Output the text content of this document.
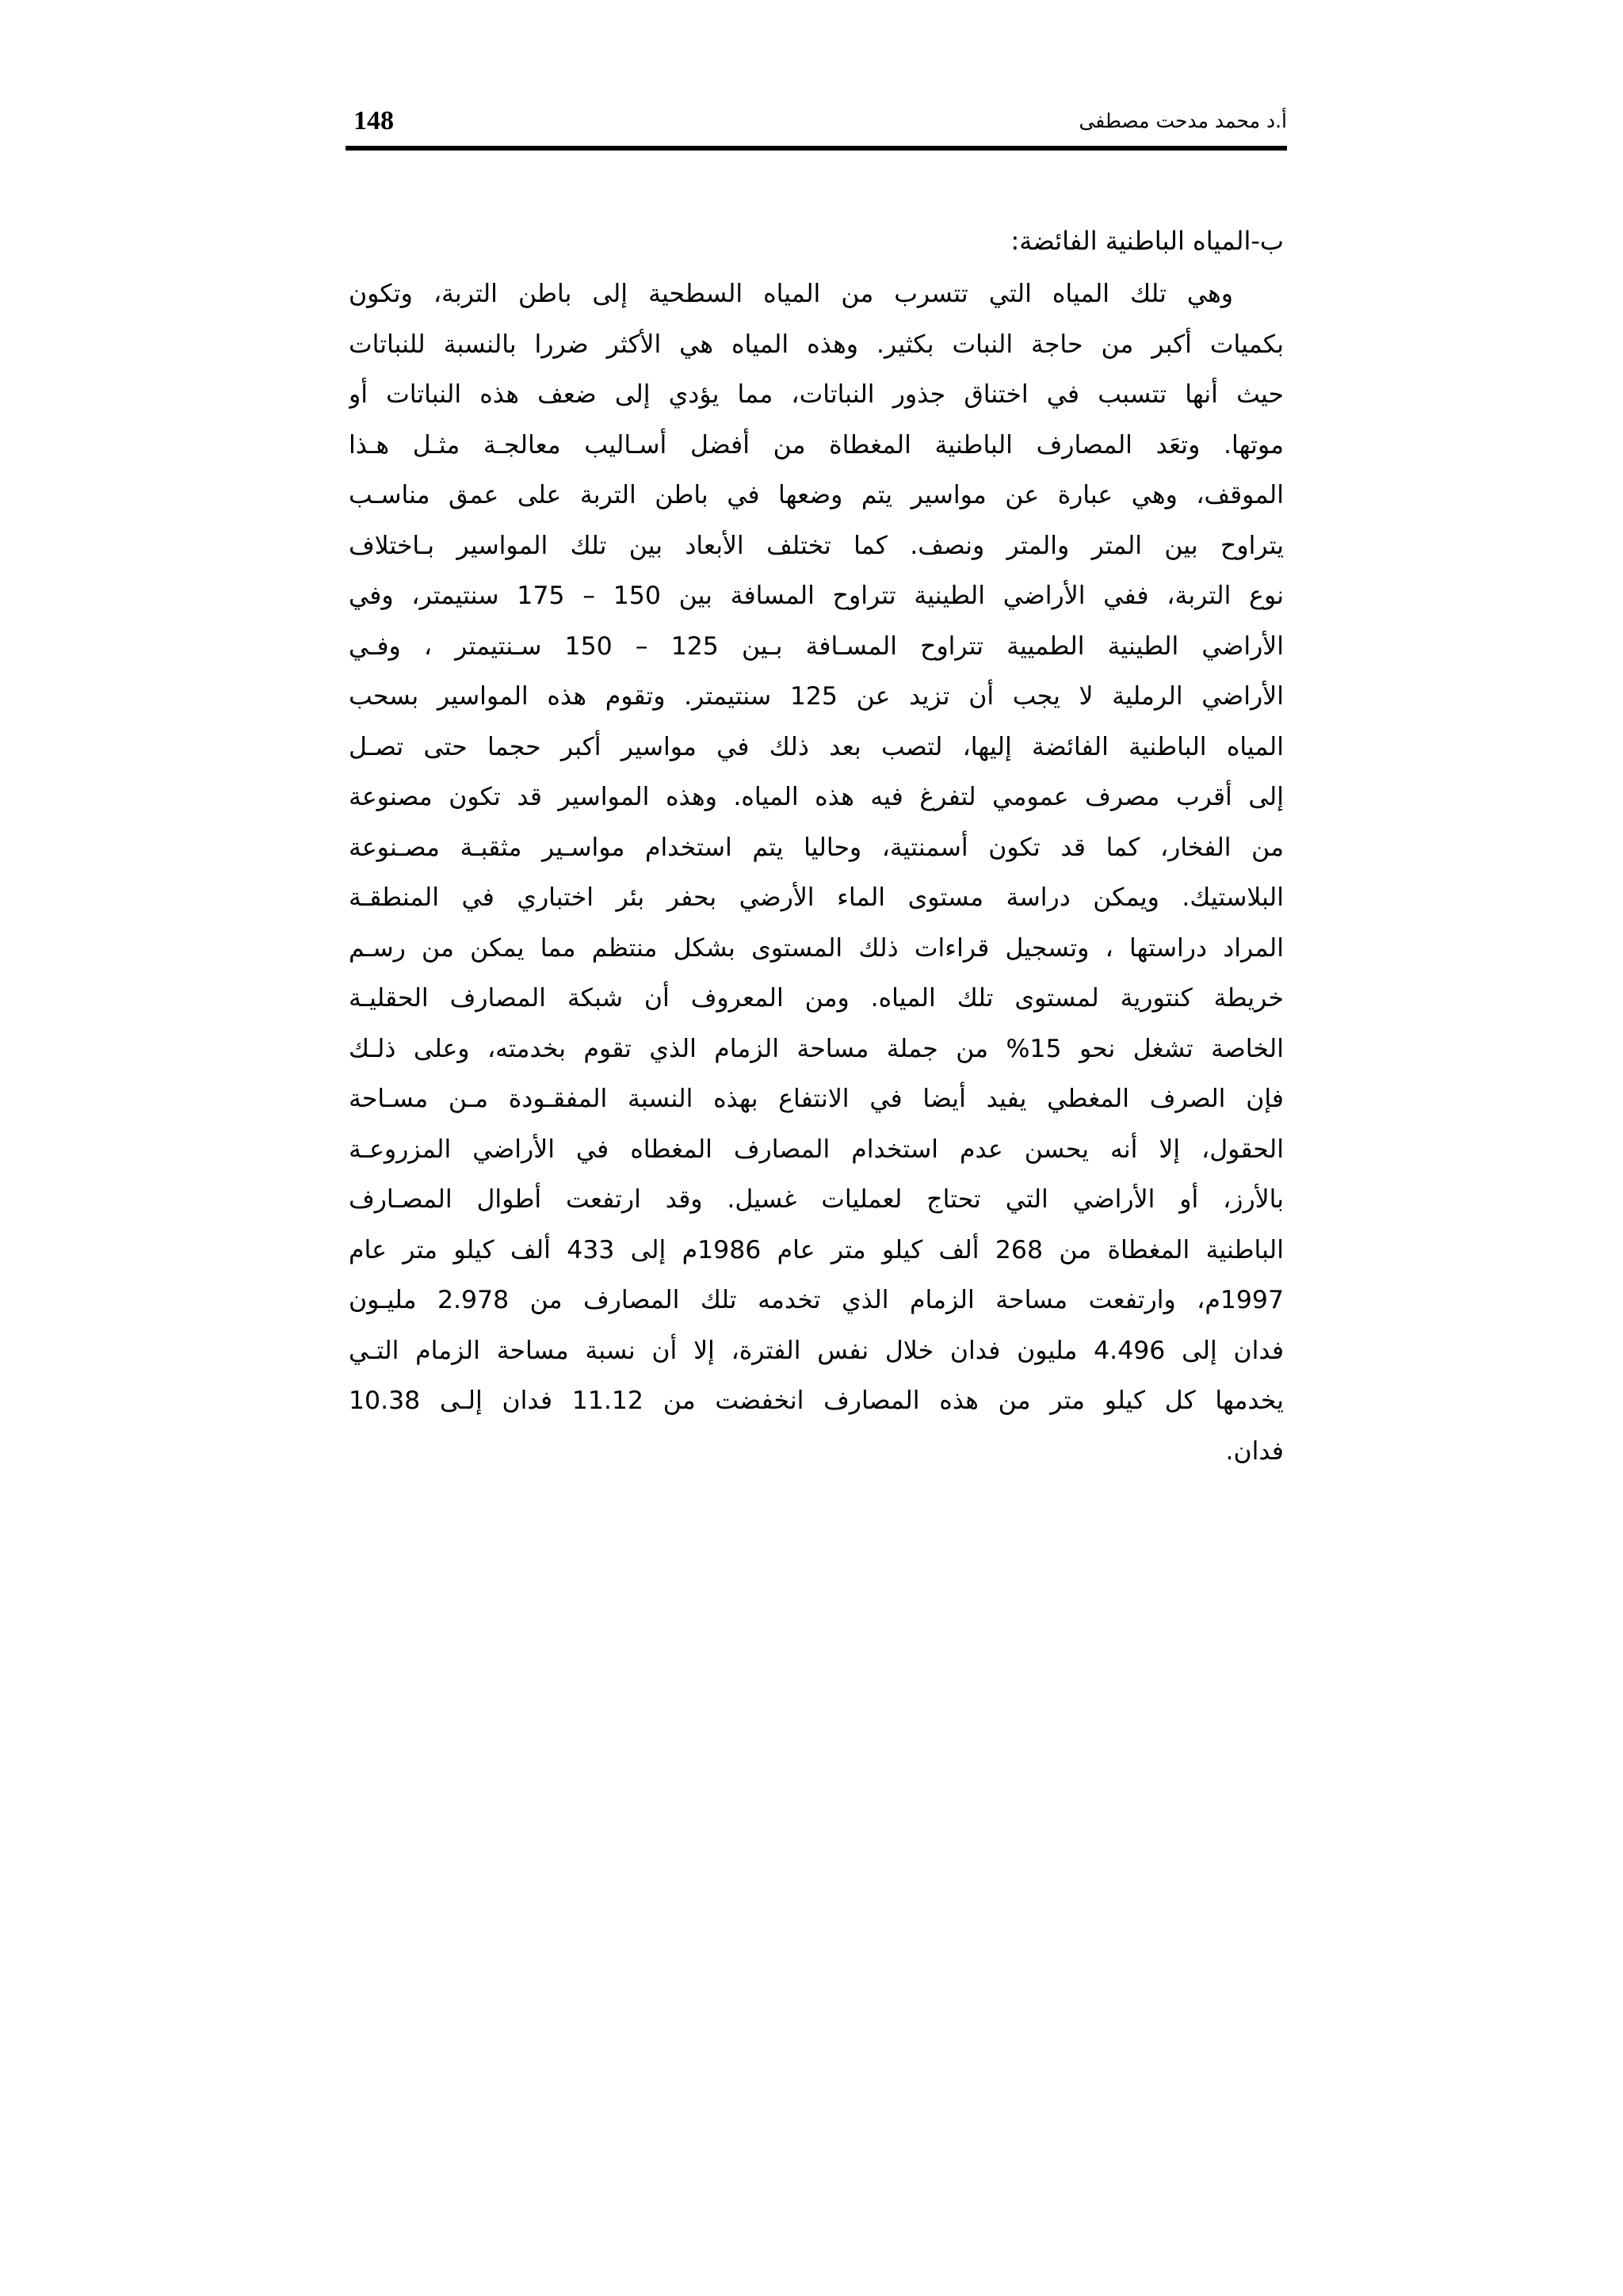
148	أ.د محمد مدحت مصطفى
ب-المياه الباطنية الفائضة:
وهي تلك المياه التي تتسرب من المياه السطحية إلى باطن التربة، وتكون
بكميات أكبر من حاجة النبات بكثير. وهذه المياه هي الأكثر ضررا بالنسبة للنباتات
حيث أنها تتسبب في اختناق جذور النباتات، مما يؤدي إلى ضعف هذه النباتات أو
موتها. وتعَد المصارف الباطنية المغطاة من أفضل أسـاليب معالجـة مثـل هـذا
الموقف، وهي عبارة عن مواسير يتم وضعها في باطن التربة على عمق مناسـب
يتراوح بين المتر والمتر ونصف. كما تختلف الأبعاد بين تلك المواسير بـاختلاف
نوع التربة، ففي الأراضي الطينية تتراوح المسافة بين 150 – 175 سنتيمتر، وفي
الأراضي الطينية الطميية تتراوح المسـافة بـين 125 – 150 سـنتيمتر ، وفـي
الأراضي الرملية لا يجب أن تزيد عن 125 سنتيمتر. وتقوم هذه المواسير بسحب
المياه الباطنية الفائضة إليها، لتصب بعد ذلك في مواسير أكبر حجما حتى تصـل
إلى أقرب مصرف عمومي لتفرغ فيه هذه المياه. وهذه المواسير قد تكون مصنوعة
من الفخار، كما قد تكون أسمنتية، وحاليا يتم استخدام مواسـير مثقبـة مصـنوعة
البلاستيك. ويمكن دراسة مستوى الماء الأرضي بحفر بئر اختباري في المنطقـة
المراد دراستها ، وتسجيل قراءات ذلك المستوى بشكل منتظم مما يمكن من رسـم
خريطة كنتورية لمستوى تلك المياه. ومن المعروف أن شبكة المصارف الحقليـة
الخاصة تشغل نحو 15% من جملة مساحة الزمام الذي تقوم بخدمته، وعلى ذلـك
فإن الصرف المغطي يفيد أيضا في الانتفاع بهذه النسبة المفقـودة مـن مسـاحة
الحقول، إلا أنه يحسن عدم استخدام المصارف المغطاه في الأراضي المزروعـة
بالأرز، أو الأراضي التي تحتاج لعمليات غسيل. وقد ارتفعت أطوال المصـارف
الباطنية المغطاة من 268 ألف كيلو متر عام 1986م إلى 433 ألف كيلو متر عام
1997م، وارتفعت مساحة الزمام الذي تخدمه تلك المصارف من 2.978 مليـون
فدان إلى 4.496 مليون فدان خلال نفس الفترة، إلا أن نسبة مساحة الزمام التـي
يخدمها كل كيلو متر من هذه المصارف انخفضت من 11.12 فدان إلـى 10.38
فدان.
